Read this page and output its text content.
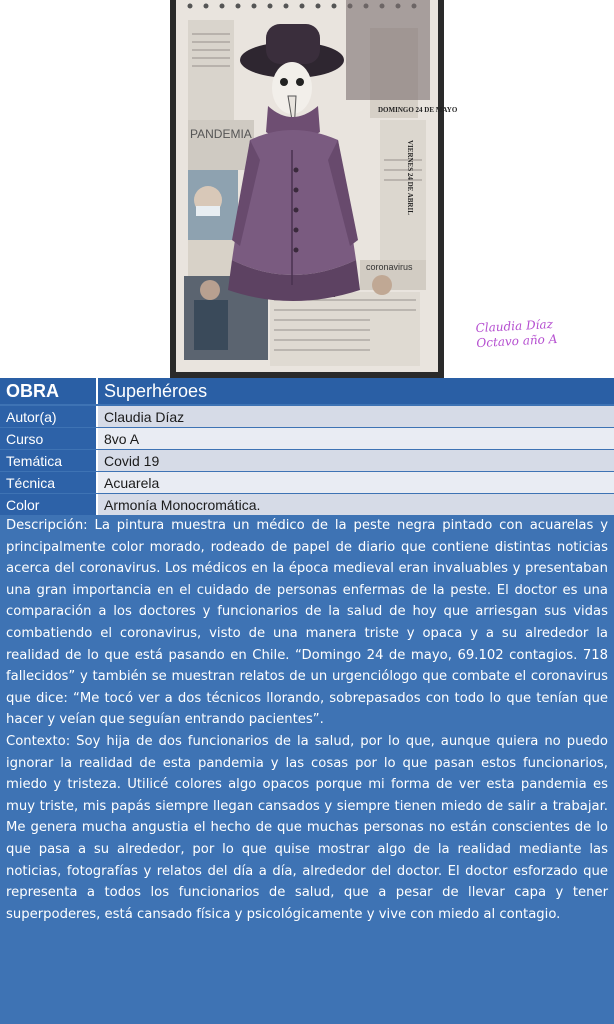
DOMINGO 24 DE MAYO
PANDEMIA
VIERNES 24 DE ABRIL
coronavirus
Claudia Díaz
Octavo año A
OBRA	Superhéroes
Autor(a)	Claudia Díaz
Curso	8vo A
Temática	Covid 19
Técnica	Acuarela
Color	Armonía Monocromática.

Descripción: La pintura muestra un médico de la peste negra pintado con acuarelas y principalmente color morado, rodeado de papel de diario que contiene distintas noticias acerca del coronavirus. Los médicos en la época medieval eran invaluables y presentaban una gran importancia en el cuidado de personas enfermas de la peste. El doctor es una comparación a los doctores y funcionarios de la salud de hoy que arriesgan sus vidas combatiendo el coronavirus, visto de una manera triste y opaca y a su alrededor la realidad de lo que está pasando en Chile. “Domingo 24 de mayo, 69.102 contagios. 718 fallecidos” y también se muestran relatos de un urgenciólogo que combate el coronavirus que dice: “Me tocó ver a dos técnicos llorando, sobrepasados con todo lo que tenían que hacer y veían que seguían entrando pacientes”.

Contexto: Soy hija de dos funcionarios de la salud, por lo que, aunque quiera no puedo ignorar la realidad de esta pandemia y las cosas por lo que pasan estos funcionarios, miedo y tristeza. Utilicé colores algo opacos porque mi forma de ver esta pandemia es muy triste, mis papás siempre llegan cansados y siempre tienen miedo de salir a trabajar. Me genera mucha angustia el hecho de que muchas personas no están conscientes de lo que pasa a su alrededor, por lo que quise mostrar algo de la realidad mediante las noticias, fotografías y relatos del día a día, alrededor del doctor. El doctor esforzado que representa a todos los funcionarios de salud, que a pesar de llevar capa y tener superpoderes, está cansado física y psicológicamente y vive con miedo al contagio.
